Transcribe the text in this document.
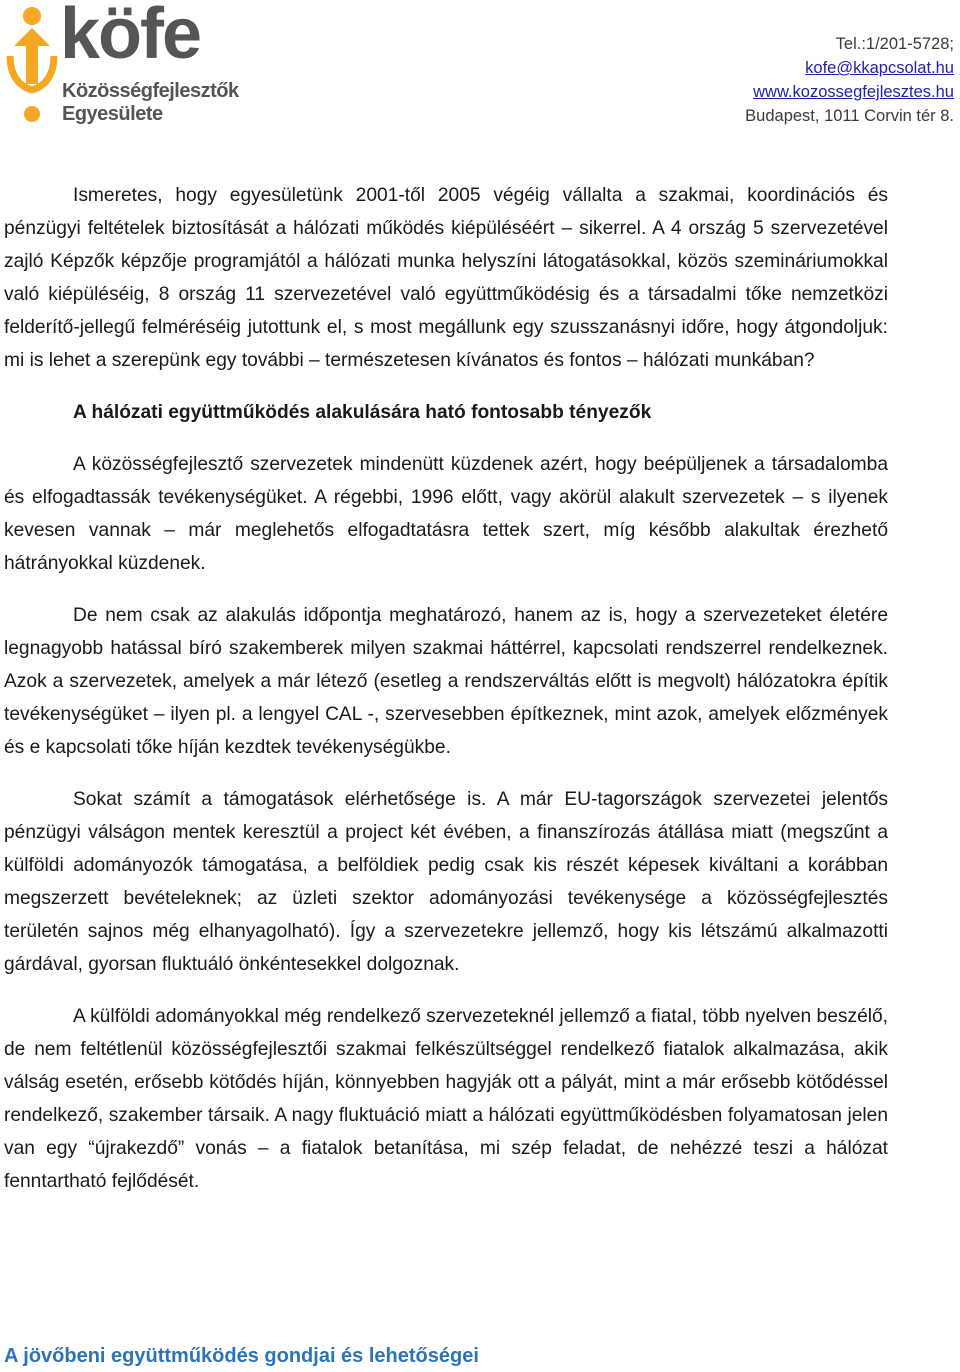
köfe
Közösségfejlesztők
Egyesülete
Tel.:1/201-5728;
kofe@kkapcsolat.hu
www.kozossegfejlesztes.hu
Budapest, 1011 Corvin tér 8.

Ismeretes, hogy egyesületünk 2001-től 2005 végéig vállalta a szakmai, koordinációs és pénzügyi feltételek biztosítását a hálózati működés kiépüléséért – sikerrel. A 4 ország 5 szervezetével zajló Képzők képzője programjától a hálózati munka helyszíni látogatásokkal, közös szemináriumokkal való kiépüléséig, 8 ország 11 szervezetével való együttműködésig és a társadalmi tőke nemzetközi felderítő-jellegű felméréséig jutottunk el, s most megállunk egy szusszanásnyi időre, hogy átgondoljuk: mi is lehet a szerepünk egy további – természetesen kívánatos és fontos – hálózati munkában?

A hálózati együttműködés alakulására ható fontosabb tényezők

A közösségfejlesztő szervezetek mindenütt küzdenek azért, hogy beépüljenek a társadalomba és elfogadtassák tevékenységüket. A régebbi, 1996 előtt, vagy akörül alakult szervezetek – s ilyenek kevesen vannak – már meglehetős elfogadtatásra tettek szert, míg később alakultak érezhető hátrányokkal küzdenek.

De nem csak az alakulás időpontja meghatározó, hanem az is, hogy a szervezeteket életére legnagyobb hatással bíró szakemberek milyen szakmai háttérrel, kapcsolati rendszerrel rendelkeznek. Azok a szervezetek, amelyek a már létező (esetleg a rendszerváltás előtt is megvolt) hálózatokra építik tevékenységüket – ilyen pl. a lengyel CAL -, szervesebben építkeznek, mint azok, amelyek előzmények és e kapcsolati tőke híján kezdtek tevékenységükbe.

Sokat számít a támogatások elérhetősége is. A már EU-tagországok szervezetei jelentős pénzügyi válságon mentek keresztül a project két évében, a finanszírozás átállása miatt (megszűnt a külföldi adományozók támogatása, a belföldiek pedig csak kis részét képesek kiváltani a korábban megszerzett bevételeknek; az üzleti szektor adományozási tevékenysége a közösségfejlesztés területén sajnos még elhanyagolható). Így a szervezetekre jellemző, hogy kis létszámú alkalmazotti gárdával, gyorsan fluktuáló önkéntesekkel dolgoznak.

A külföldi adományokkal még rendelkező szervezeteknél jellemző a fiatal, több nyelven beszélő, de nem feltétlenül közösségfejlesztői szakmai felkészültséggel rendelkező fiatalok alkalmazása, akik válság esetén, erősebb kötődés híján, könnyebben hagyják ott a pályát, mint a már erősebb kötődéssel rendelkező, szakember társaik. A nagy fluktuáció miatt a hálózati együttműködésben folyamatosan jelen van egy “újrakezdő” vonás – a fiatalok betanítása, mi szép feladat, de nehézzé teszi a hálózat fenntartható fejlődését.

A jövőbeni együttműködés gondjai és lehetőségei
